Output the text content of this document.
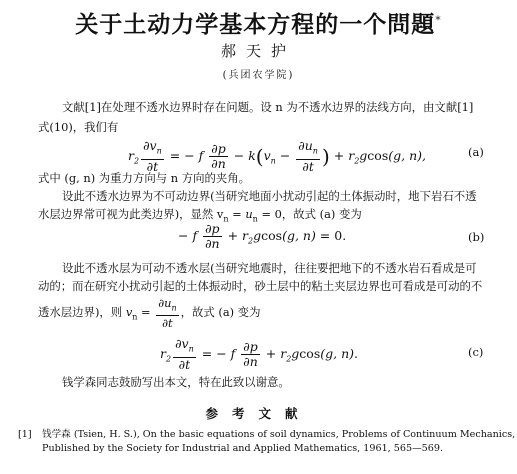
关于土动力学基本方程的一个問題*
郝天护
(兵团农学院)
文献[1]在处理不透水边界时存在问题。设 n 为不透水边界的法线方向，由文献[1]
式(10)，我们有
$r_2 \frac{\partial v_n}{\partial t}$ = − f $\frac{\partial p}{\partial n} - k(v_n - \frac{\partial u_n}{\partial t}$ ) + $r_2gcos(g$, n),	(a)
式中 (g, n) 为重力方向与 n 方向的夹角。
设此不透水边界为不可动边界(当研究地面小扰动引起的土体振动时，地下岩石不透
水层边界常可视为此类边界)，显然 $v_n = u_n = 0$，故式 (a) 变为
− f $\frac{\partial p}{\partial n} + r_2gcos(g$, n) = 0.	(b)
设此不透水层为可动不透水层(当研究地震时，往往要把地下的不透水岩石看成是可
动的；而在研究小扰动引起的土体振动时，砂土层中的粘土夹层边界也可看成是可动的不
透水层边界)，则 $v_n = \frac{\partial u_n}{\partial t}$ ，故式 (a) 变为
$r_2 \frac{\partial v_n}{\partial t}$ = − f $\frac{\partial p}{\partial n} + r_2gcos(g$, n).	(c)
钱学森同志鼓励写出本文，特在此致以谢意。
参考文献
[1] 钱学森 (Tsien, H. S.), On the basic equations of soil dynamics, Problems of Continuum Mechanics,
Published by the Society for Industrial and Applied Mathematics, 1961, 565—569.
